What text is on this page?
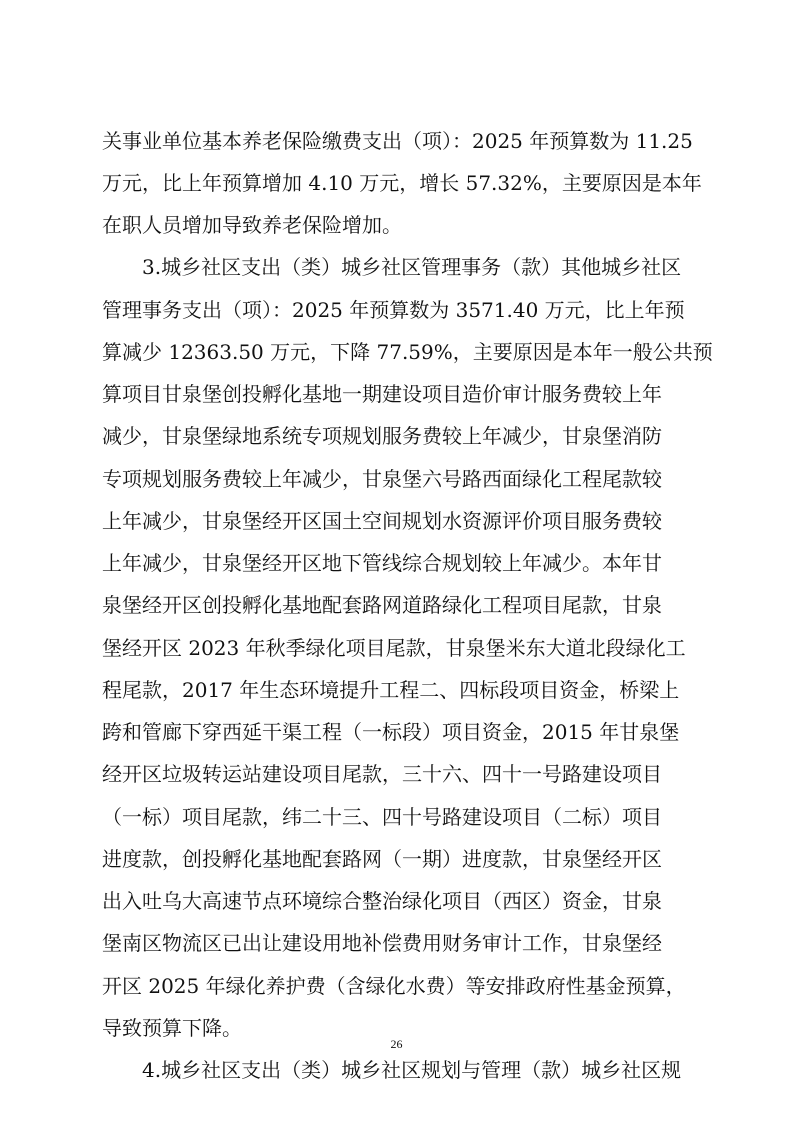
关事业单位基本养老保险缴费支出（项）：2025 年预算数为 11.25
万元，比上年预算增加 4.10 万元，增长 57.32%，主要原因是本年
在职人员增加导致养老保险增加。
3.城乡社区支出（类）城乡社区管理事务（款）其他城乡社区
管理事务支出（项）：2025 年预算数为 3571.40 万元，比上年预
算减少 12363.50 万元，下降 77.59%，主要原因是本年一般公共预
算项目甘泉堡创投孵化基地一期建设项目造价审计服务费较上年
减少，甘泉堡绿地系统专项规划服务费较上年减少，甘泉堡消防
专项规划服务费较上年减少，甘泉堡六号路西面绿化工程尾款较
上年减少，甘泉堡经开区国土空间规划水资源评价项目服务费较
上年减少，甘泉堡经开区地下管线综合规划较上年减少。本年甘
泉堡经开区创投孵化基地配套路网道路绿化工程项目尾款，甘泉
堡经开区 2023 年秋季绿化项目尾款，甘泉堡米东大道北段绿化工
程尾款，2017 年生态环境提升工程二、四标段项目资金，桥梁上
跨和管廊下穿西延干渠工程（一标段）项目资金，2015 年甘泉堡
经开区垃圾转运站建设项目尾款，三十六、四十一号路建设项目
（一标）项目尾款，纬二十三、四十号路建设项目（二标）项目
进度款，创投孵化基地配套路网（一期）进度款，甘泉堡经开区
出入吐乌大高速节点环境综合整治绿化项目（西区）资金，甘泉
堡南区物流区已出让建设用地补偿费用财务审计工作，甘泉堡经
开区 2025 年绿化养护费（含绿化水费）等安排政府性基金预算，
导致预算下降。
4.城乡社区支出（类）城乡社区规划与管理（款）城乡社区规
26
